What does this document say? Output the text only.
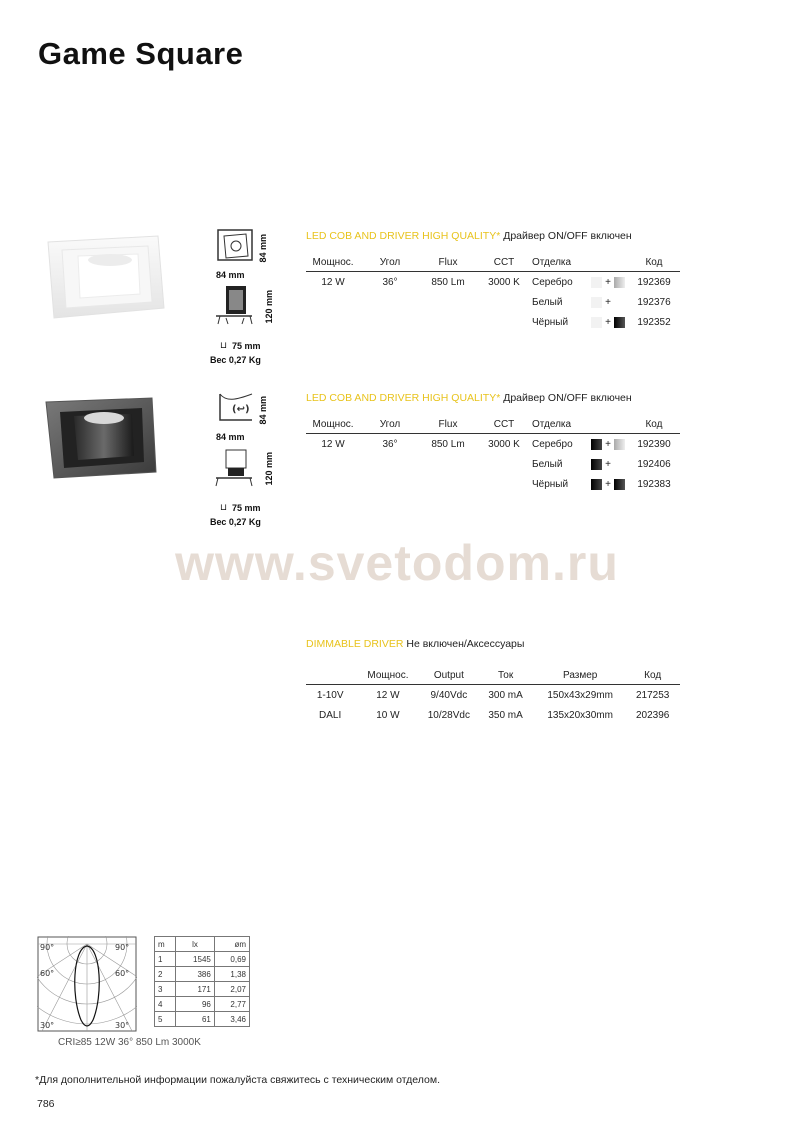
Game Square
84 mm
84 mm
120 mm
⊔ 75 mm
Вес 0,27 Kg
LED COB AND DRIVER HIGH QUALITY* Драйвер ON/OFF включен
Мощнос.	Угол	Flux	CCT	Отделка		Код
12 W	36°	850 Lm	3000 K	Серебро	+	192369
				Белый	+	192376
				Чёрный	+	192352
(↩) 84 mm
84 mm
120 mm
⊔ 75 mm
Вес 0,27 Kg
LED COB AND DRIVER HIGH QUALITY* Драйвер ON/OFF включен
Мощнос.	Угол	Flux	CCT	Отделка		Код
12 W	36°	850 Lm	3000 K	Серебро	+	192390
				Белый	+	192406
				Чёрный	+	192383
www.svetodom.ru
DIMMABLE DRIVER Не включен/Аксессуары
	Мощнос.	Output	Ток	Размер	Код
1-10V	12 W	9/40Vdc	300 mA	150x43x29mm	217253
DALI	10 W	10/28Vdc	350 mA	135x20x30mm	202396
90°	90°
60°	60°
30°	30°
m	lx	øm
1	1545	0,69
2	386	1,38
3	171	2,07
4	96	2,77
5	61	3,46
CRI≥85 12W 36° 850 Lm 3000K
*Для дополнительной информации пожалуйста свяжитесь с техническим отделом.
786
